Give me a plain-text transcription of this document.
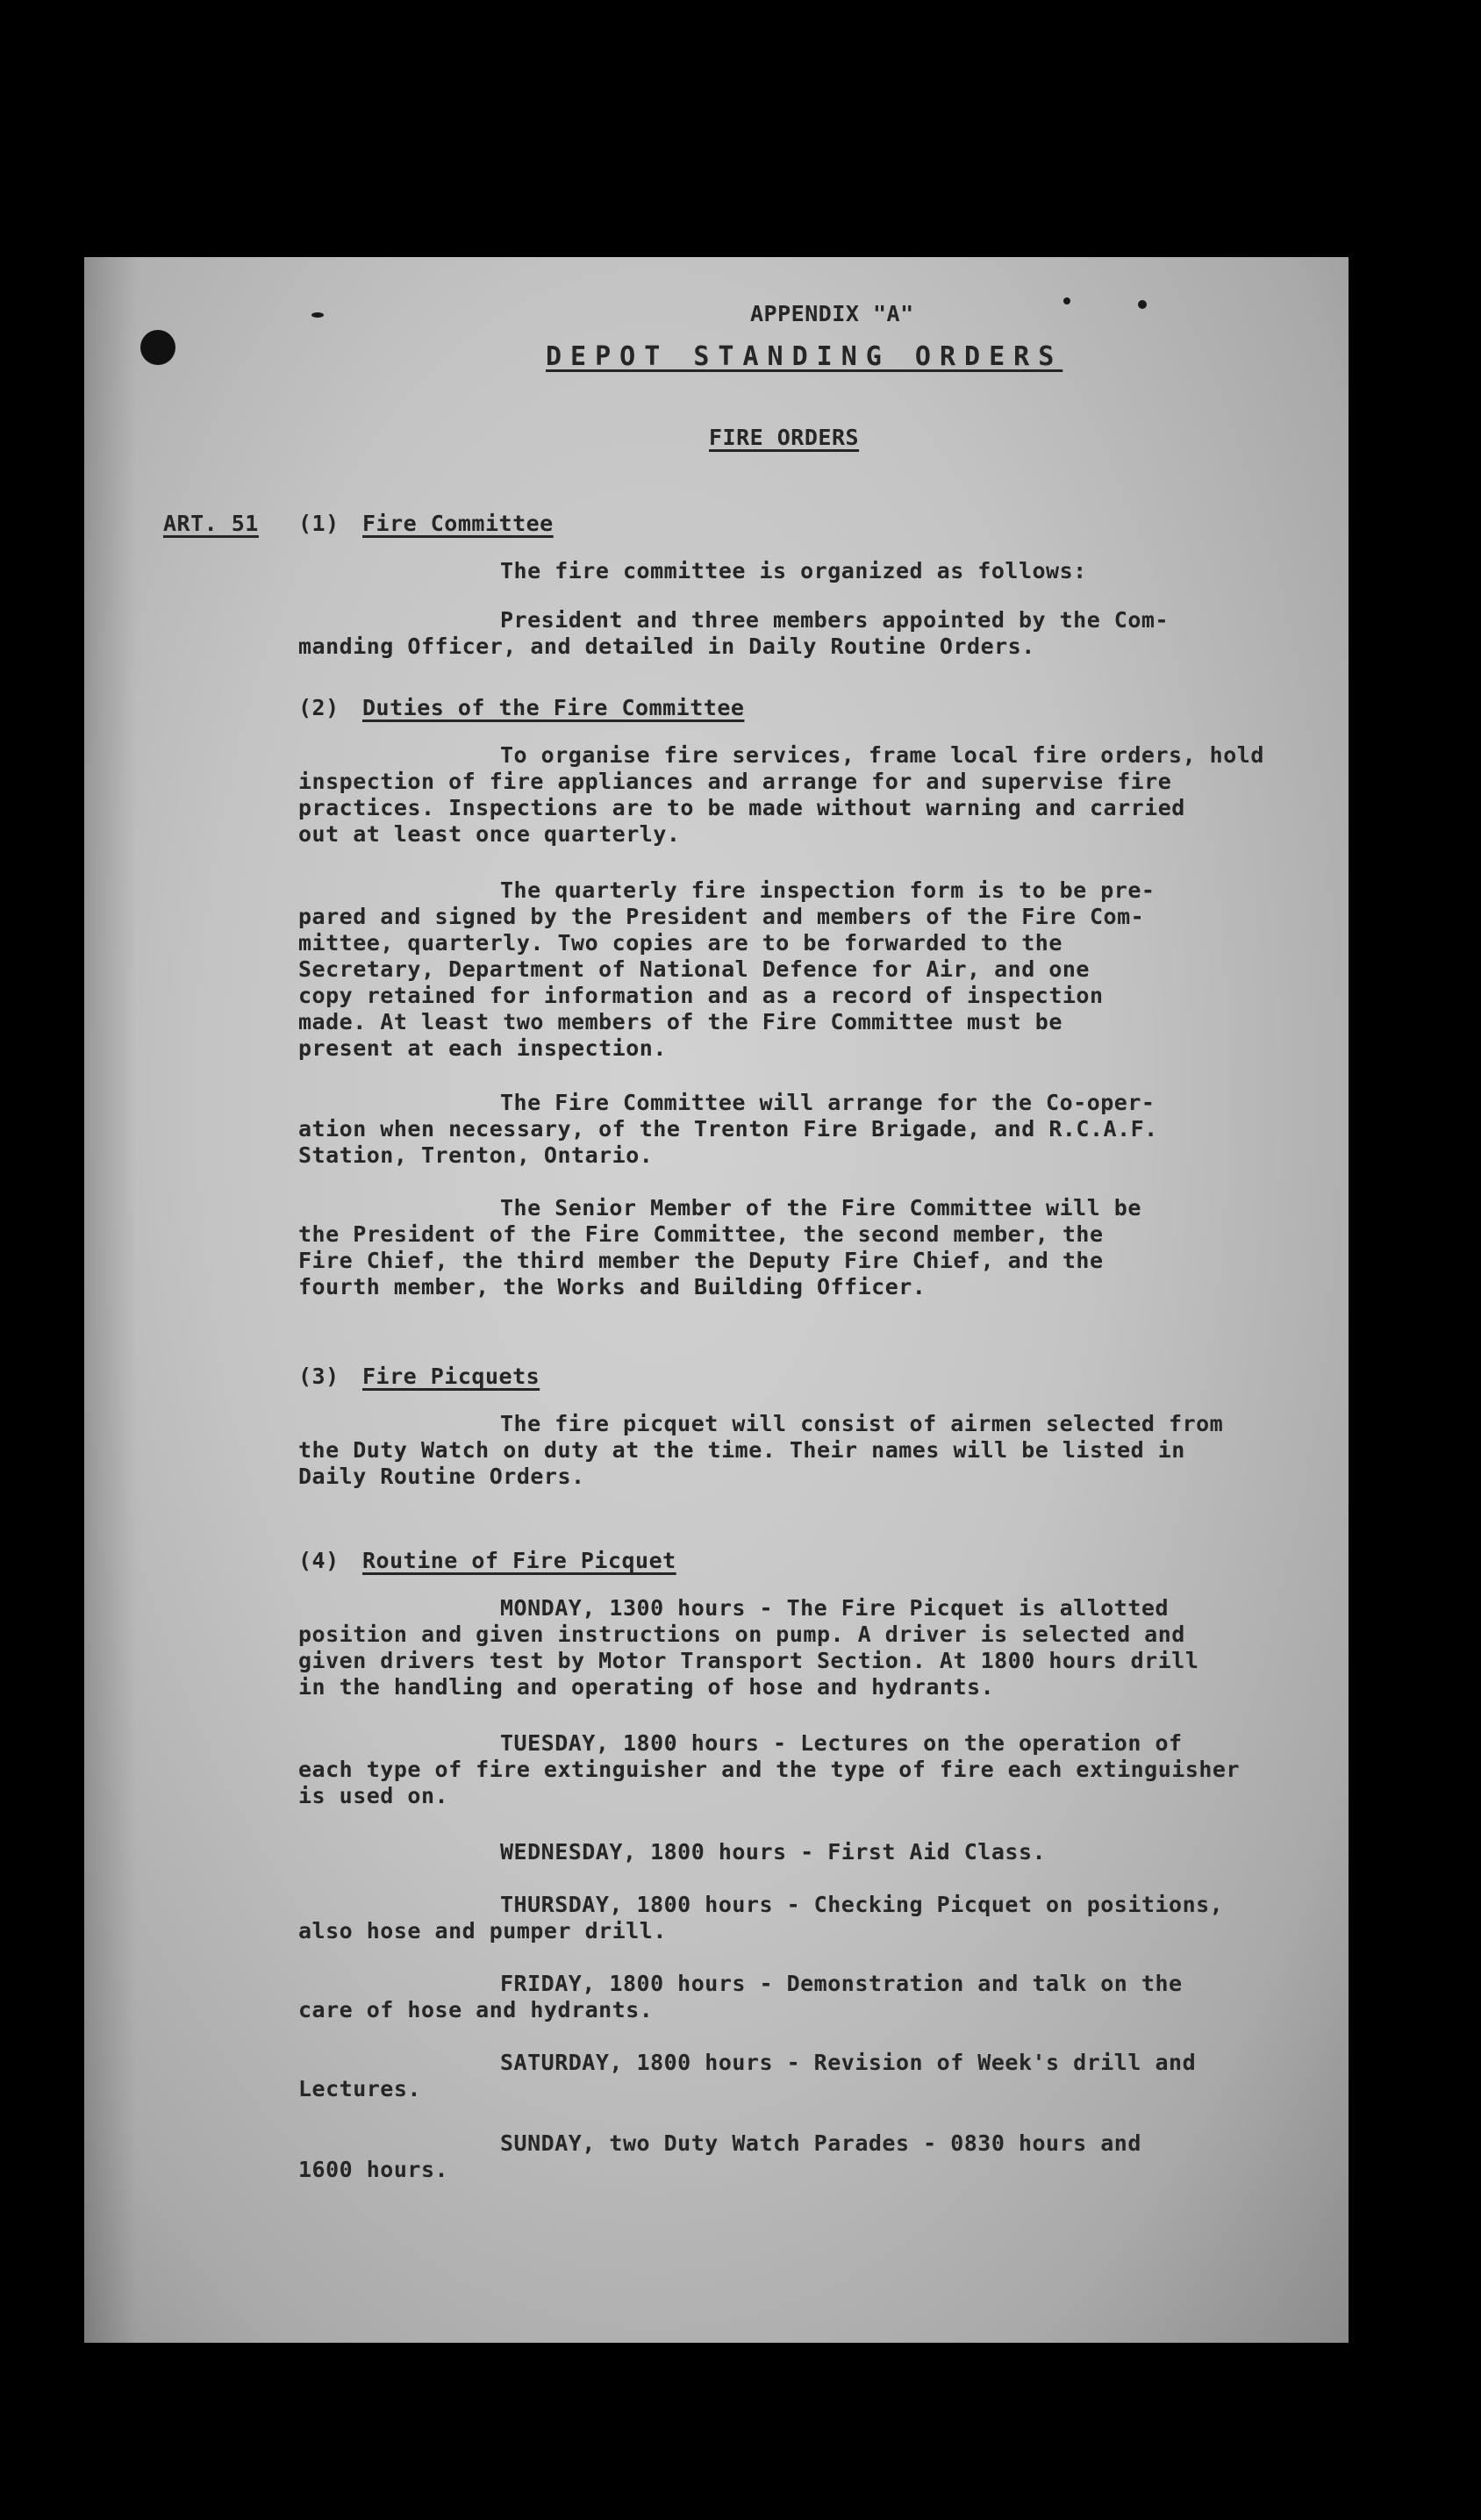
APPENDIX "A"
DEPOT STANDING ORDERS
FIRE ORDERS
ART. 51 (1) Fire Committee
The fire committee is organized as follows:
President and three members appointed by the Com-
manding Officer, and detailed in Daily Routine Orders.
(2) Duties of the Fire Committee
To organise fire services, frame local fire orders, hold
inspection of fire appliances and arrange for and supervise fire
practices. Inspections are to be made without warning and carried
out at least once quarterly.
The quarterly fire inspection form is to be pre-
pared and signed by the President and members of the Fire Com-
mittee, quarterly. Two copies are to be forwarded to the
Secretary, Department of National Defence for Air, and one
copy retained for information and as a record of inspection
made. At least two members of the Fire Committee must be
present at each inspection.
The Fire Committee will arrange for the Co-oper-
ation when necessary, of the Trenton Fire Brigade, and R.C.A.F.
Station, Trenton, Ontario.
The Senior Member of the Fire Committee will be
the President of the Fire Committee, the second member, the
Fire Chief, the third member the Deputy Fire Chief, and the
fourth member, the Works and Building Officer.
(3) Fire Picquets
The fire picquet will consist of airmen selected from
the Duty Watch on duty at the time. Their names will be listed in
Daily Routine Orders.
(4) Routine of Fire Picquet
MONDAY, 1300 hours - The Fire Picquet is allotted
position and given instructions on pump. A driver is selected and
given drivers test by Motor Transport Section. At 1800 hours drill
in the handling and operating of hose and hydrants.
TUESDAY, 1800 hours - Lectures on the operation of
each type of fire extinguisher and the type of fire each extinguisher
is used on.
WEDNESDAY, 1800 hours - First Aid Class.
THURSDAY, 1800 hours - Checking Picquet on positions,
also hose and pumper drill.
FRIDAY, 1800 hours - Demonstration and talk on the
care of hose and hydrants.
SATURDAY, 1800 hours - Revision of Week's drill and
Lectures.
SUNDAY, two Duty Watch Parades - 0830 hours and
1600 hours.
